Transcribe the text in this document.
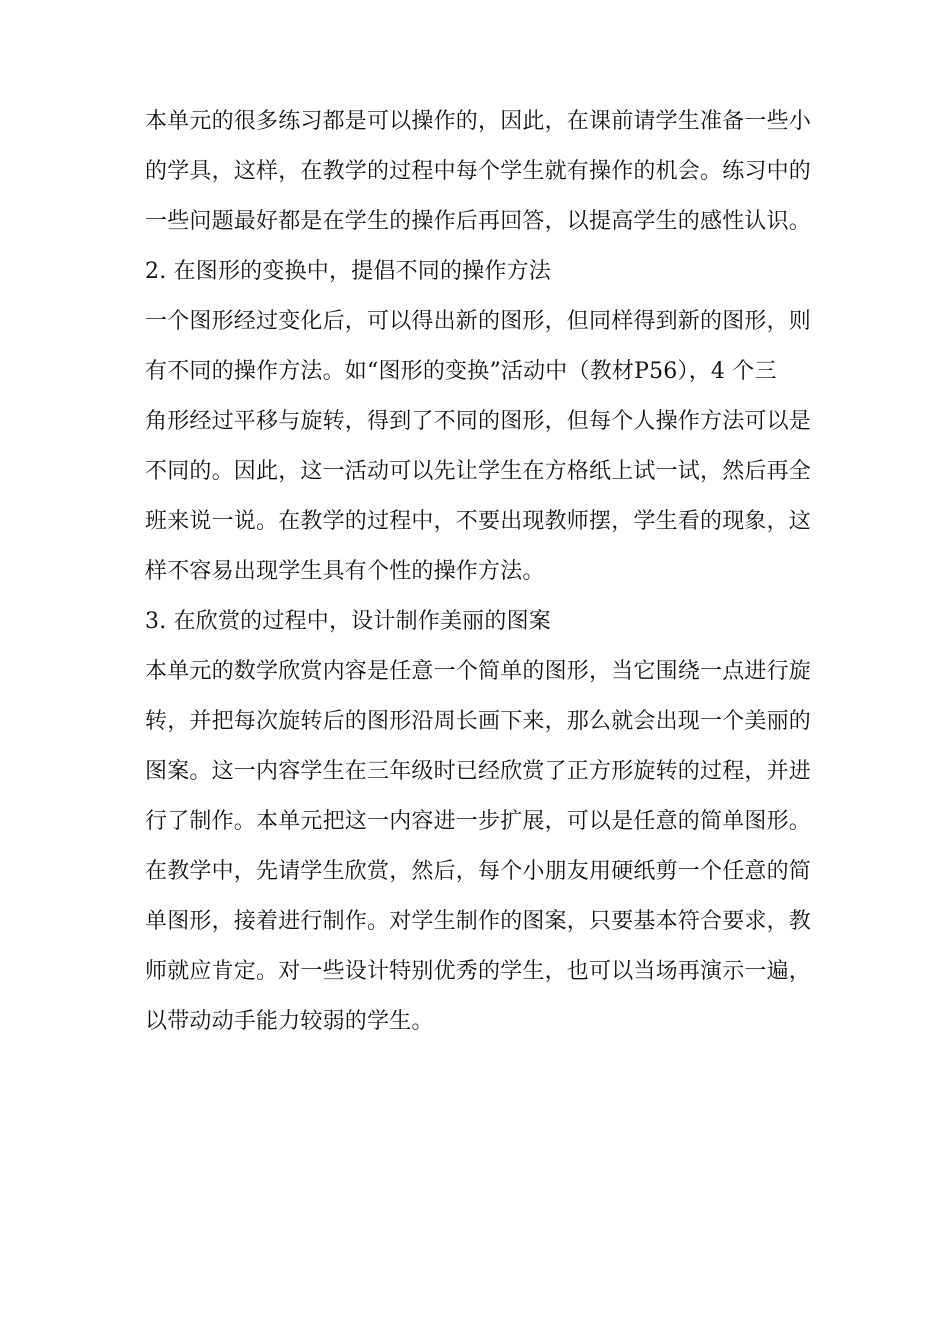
本单元的很多练习都是可以操作的，因此，在课前请学生准备一些小
的学具，这样，在教学的过程中每个学生就有操作的机会。练习中的
一些问题最好都是在学生的操作后再回答，以提高学生的感性认识。
2. 在图形的变换中，提倡不同的操作方法
一个图形经过变化后，可以得出新的图形，但同样得到新的图形，则
有不同的操作方法。如“图形的变换”活动中（教材P56），4 个三
角形经过平移与旋转，得到了不同的图形，但每个人操作方法可以是
不同的。因此，这一活动可以先让学生在方格纸上试一试，然后再全
班来说一说。在教学的过程中，不要出现教师摆，学生看的现象，这
样不容易出现学生具有个性的操作方法。
3. 在欣赏的过程中，设计制作美丽的图案
本单元的数学欣赏内容是任意一个简单的图形，当它围绕一点进行旋
转，并把每次旋转后的图形沿周长画下来，那么就会出现一个美丽的
图案。这一内容学生在三年级时已经欣赏了正方形旋转的过程，并进
行了制作。本单元把这一内容进一步扩展，可以是任意的简单图形。
在教学中，先请学生欣赏，然后，每个小朋友用硬纸剪一个任意的简
单图形，接着进行制作。对学生制作的图案，只要基本符合要求，教
师就应肯定。对一些设计特别优秀的学生，也可以当场再演示一遍，
以带动动手能力较弱的学生。
